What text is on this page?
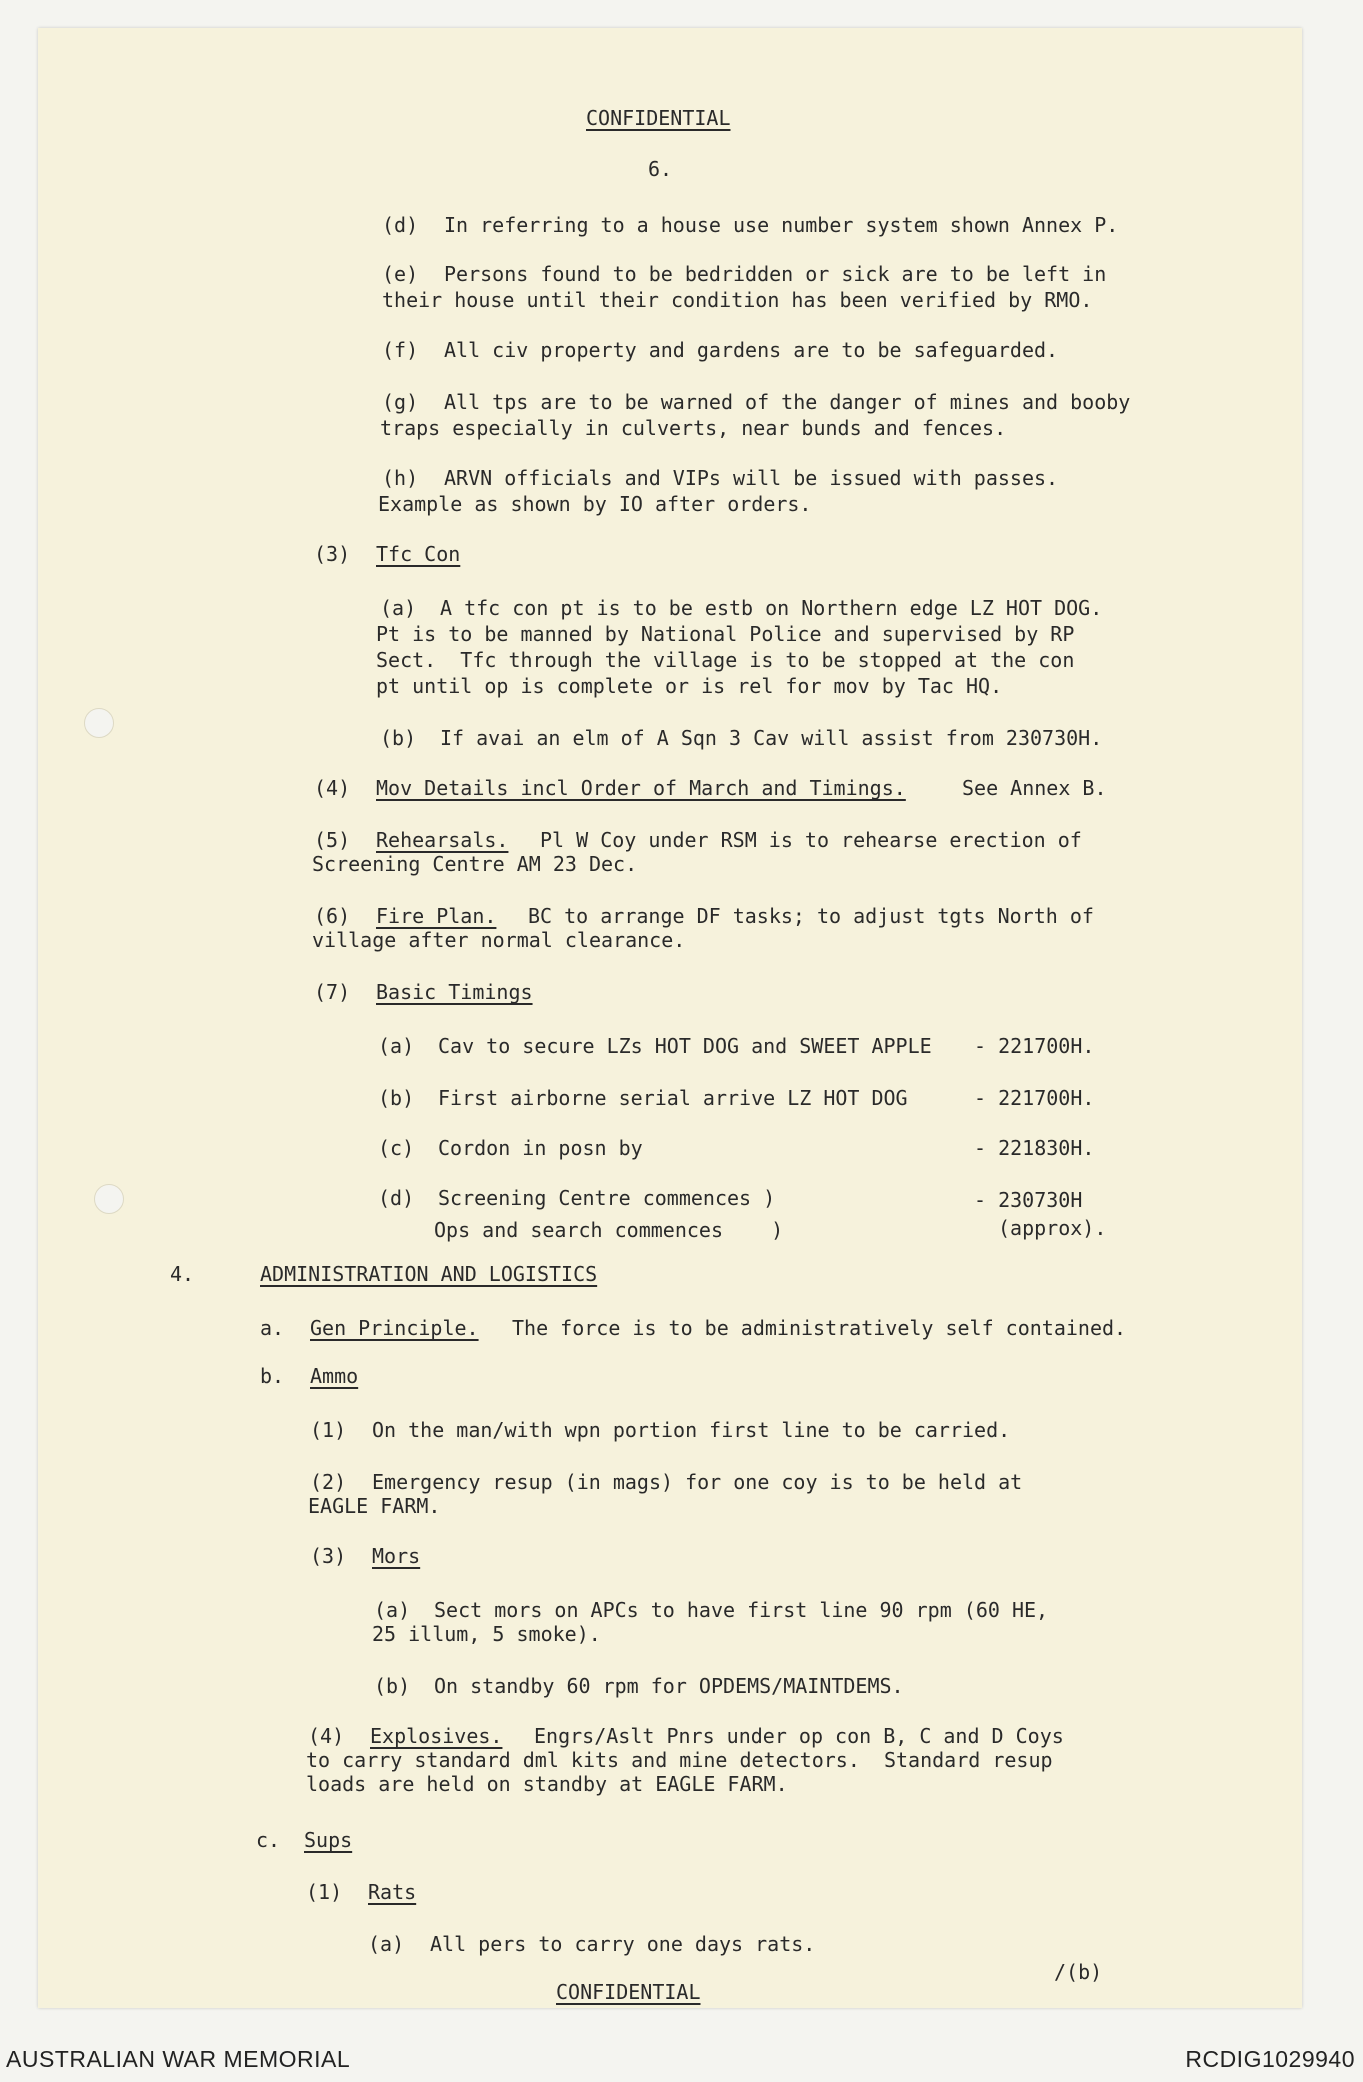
CONFIDENTIAL
6.
(d) In referring to a house use number system shown Annex P.
(e) Persons found to be bedridden or sick are to be left in
their house until their condition has been verified by RMO.
(f) All civ property and gardens are to be safeguarded.
(g) All tps are to be warned of the danger of mines and booby
traps especially in culverts, near bunds and fences.
(h) ARVN officials and VIPs will be issued with passes.
Example as shown by IO after orders.
(3) Tfc Con
(a) A tfc con pt is to be estb on Northern edge LZ HOT DOG.
Pt is to be manned by National Police and supervised by RP
Sect.  Tfc through the village is to be stopped at the con
pt until op is complete or is rel for mov by Tac HQ.
(b) If avai an elm of A Sqn 3 Cav will assist from 230730H.
(4) Mov Details incl Order of March and Timings.	See Annex B.
(5) Rehearsals. Pl W Coy under RSM is to rehearse erection of
Screening Centre AM 23 Dec.
(6) Fire Plan. BC to arrange DF tasks; to adjust tgts North of
village after normal clearance.
(7) Basic Timings
(a) Cav to secure LZs HOT DOG and SWEET APPLE - 221700H.
(b) First airborne serial arrive LZ HOT DOG	- 221700H.
(c) Cordon in posn by	- 221830H.
(d) Screening Centre commences )
Ops and search commences    )
- 230730H
(approx).
4.	ADMINISTRATION AND LOGISTICS
a. Gen Principle. The force is to be administratively self contained.
b. Ammo
(1) On the man/with wpn portion first line to be carried.
(2) Emergency resup (in mags) for one coy is to be held at
EAGLE FARM.
(3) Mors
(a) Sect mors on APCs to have first line 90 rpm (60 HE,
25 illum, 5 smoke).
(b) On standby 60 rpm for OPDEMS/MAINTDEMS.
(4) Explosives. Engrs/Aslt Pnrs under op con B, C and D Coys
to carry standard dml kits and mine detectors.  Standard resup
loads are held on standby at EAGLE FARM.
c. Sups
(1) Rats
(a) All pers to carry one days rats.
/(b)
CONFIDENTIAL
AUSTRALIAN WAR MEMORIAL	RCDIG1029940
